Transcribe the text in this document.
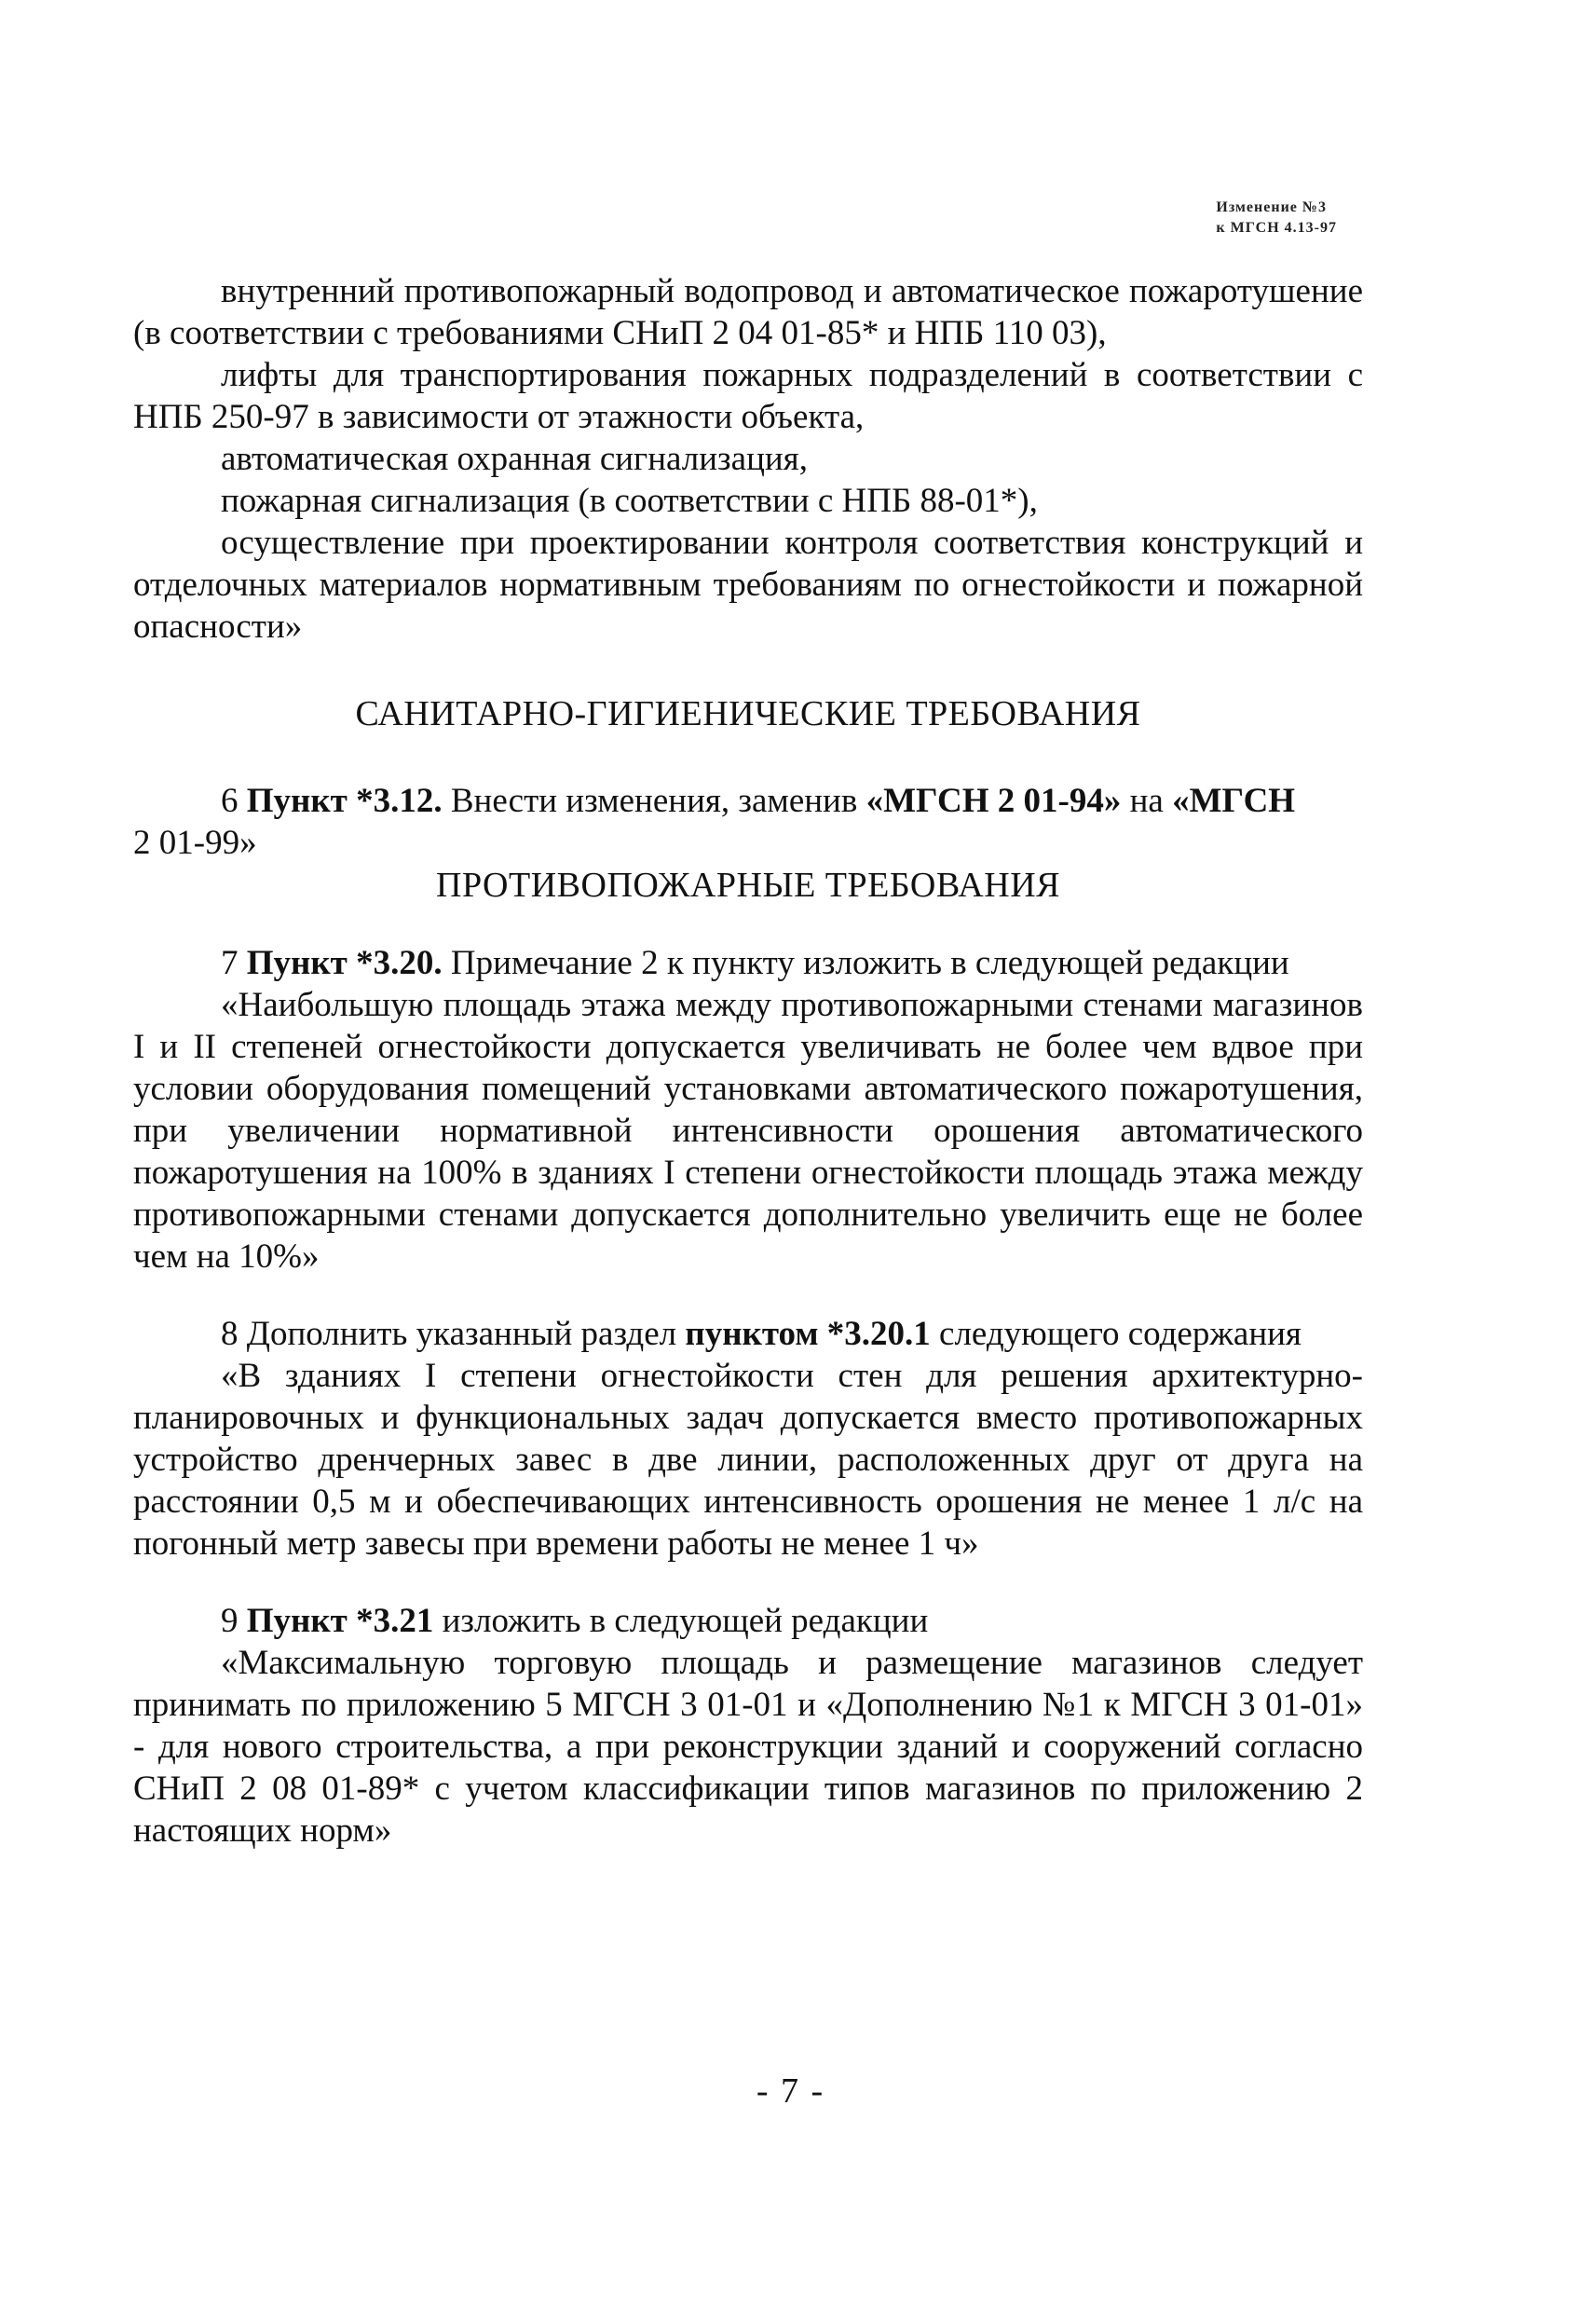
Изменение №3
к МГСН 4.13-97

внутренний противопожарный водопровод и автоматическое пожаротушение (в соответствии с требованиями СНиП 2 04 01-85* и НПБ 110 03),

лифты для транспортирования пожарных подразделений в соответствии с НПБ 250-97 в зависимости от этажности объекта,

автоматическая охранная сигнализация,

пожарная сигнализация (в соответствии с НПБ 88-01*),

осуществление при проектировании контроля соответствия конструкций и отделочных материалов нормативным требованиям по огнестойкости и пожарной опасности»

САНИТАРНО-ГИГИЕНИЧЕСКИЕ ТРЕБОВАНИЯ

6 Пункт *3.12. Внести изменения, заменив «МГСН 2 01-94» на «МГСН
2 01-99»

ПРОТИВОПОЖАРНЫЕ ТРЕБОВАНИЯ

7 Пункт *3.20. Примечание 2 к пункту изложить в следующей редакции

«Наибольшую площадь этажа между противопожарными стенами магазинов I и II степеней огнестойкости допускается увеличивать не более чем вдвое при условии оборудования помещений установками автоматического пожаротушения, при увеличении нормативной интенсивности орошения автоматического пожаротушения на 100% в зданиях I степени огнестойкости площадь этажа между противопожарными стенами допускается дополнительно увеличить еще не более чем на 10%»

8 Дополнить указанный раздел пунктом *3.20.1 следующего содержания

«В зданиях I степени огнестойкости стен для решения архитектурно-планировочных и функциональных задач допускается вместо противопожарных устройство дренчерных завес в две линии, расположенных друг от друга на расстоянии 0,5 м и обеспечивающих интенсивность орошения не менее 1 л/с на погонный метр завесы при времени работы не менее 1 ч»

9 Пункт *3.21 изложить в следующей редакции

«Максимальную торговую площадь и размещение магазинов следует принимать по приложению 5 МГСН 3 01-01 и «Дополнению №1 к МГСН 3 01-01» - для нового строительства, а при реконструкции зданий и сооружений согласно СНиП 2 08 01-89* с учетом классификации типов магазинов по приложению 2 настоящих норм»

- 7 -
